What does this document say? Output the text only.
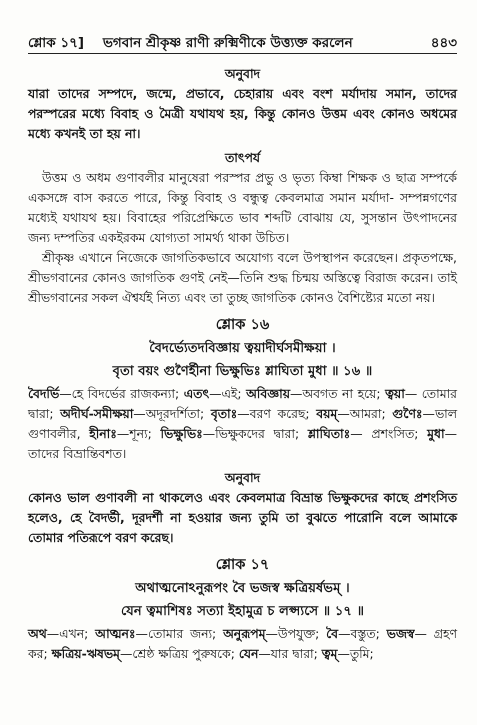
শ্লোক ১৭] ভগবান শ্রীকৃষ্ণ রাণী রুক্মিণীকে উত্ত্যক্ত করলেন	৪৪৩
অনুবাদ
যারা তাদের সম্পদে, জন্মে, প্রভাবে, চেহারায় এবং বংশ মর্যাদায় সমান, তাদের পরস্পরের মধ্যে বিবাহ ও মৈত্রী যথাযথ হয়, কিন্তু কোনও উত্তম এবং কোনও অধমের মধ্যে কখনই তা হয় না।
তাৎপর্য
উত্তম ও অধম গুণাবলীর মানুষেরা পরস্পর প্রভু ও ভৃত্য কিম্বা শিক্ষক ও ছাত্র সম্পর্কে একসঙ্গে বাস করতে পারে, কিন্তু বিবাহ ও বন্ধুত্ব কেবলমাত্র সমান মর্যাদা- সম্পন্নগণের মধ্যেই যথাযথ হয়। বিবাহের পরিপ্রেক্ষিতে ভাব শব্দটি বোঝায় যে, সুসন্তান উৎপাদনের জন্য দম্পতির একইরকম যোগ্যতা সামর্থ্য থাকা উচিত।
শ্রীকৃষ্ণ এখানে নিজেকে জাগতিকভাবে অযোগ্য বলে উপস্থাপন করেছেন। প্রকৃতপক্ষে, শ্রীভগবানের কোনও জাগতিক গুণই নেই—তিনি শুদ্ধ চিন্ময় অস্তিত্বে বিরাজ করেন। তাই শ্রীভগবানের সকল ঐশ্বর্যই নিত্য এবং তা তুচ্ছ জাগতিক কোনও বৈশিষ্ট্যের মতো নয়।
শ্লোক ১৬
বৈদর্ভ্যেতদবিজ্ঞায় ত্বয়াদীর্ঘসমীক্ষয়া ।
বৃতা বয়ং গুণৈর্হীনা ভিক্ষুভিঃ শ্লাঘিতা মুধা ॥ ১৬ ॥
বৈদর্ভি—হে বিদর্ভের রাজকন্যা; এতৎ—এই; অবিজ্ঞায়—অবগত না হয়ে; ত্বয়া— তোমার দ্বারা; অদীর্ঘ-সমীক্ষয়া—অদূরদর্শিতা; বৃতাঃ—বরণ করেছ; বয়ম্—আমরা; গুণৈঃ—ভাল গুণাবলীর, হীনাঃ—শূন্য; ভিক্ষুভিঃ—ভিক্ষুকদের দ্বারা; শ্লাঘিতাঃ— প্রশংসিত; মুধা—তাদের বিভ্রান্তিবশত।
অনুবাদ
কোনও ভাল গুণাবলী না থাকলেও এবং কেবলমাত্র বিভ্রান্ত ভিক্ষুকদের কাছে প্রশংসিত হলেও, হে বৈদর্ভী, দূরদর্শী না হওয়ার জন্য তুমি তা বুঝতে পারোনি বলে আমাকে তোমার পতিরূপে বরণ করেছ।
শ্লোক ১৭
অথাত্মনোঽনুরূপং বৈ ভজস্ব ক্ষত্রিয়র্ষভম্ ।
যেন ত্বমাশিষঃ সত্যা ইহামুত্র চ লপ্স্যসে ॥ ১৭ ॥
অথ—এখন; আত্মনঃ—তোমার জন্য; অনুরূপম্—উপযুক্ত; বৈ—বস্তুত; ভজস্ব— গ্রহণ কর; ক্ষত্রিয়-ঋষভম্—শ্রেষ্ঠ ক্ষত্রিয় পুরুষকে; যেন—যার দ্বারা; ত্বম্—তুমি;
